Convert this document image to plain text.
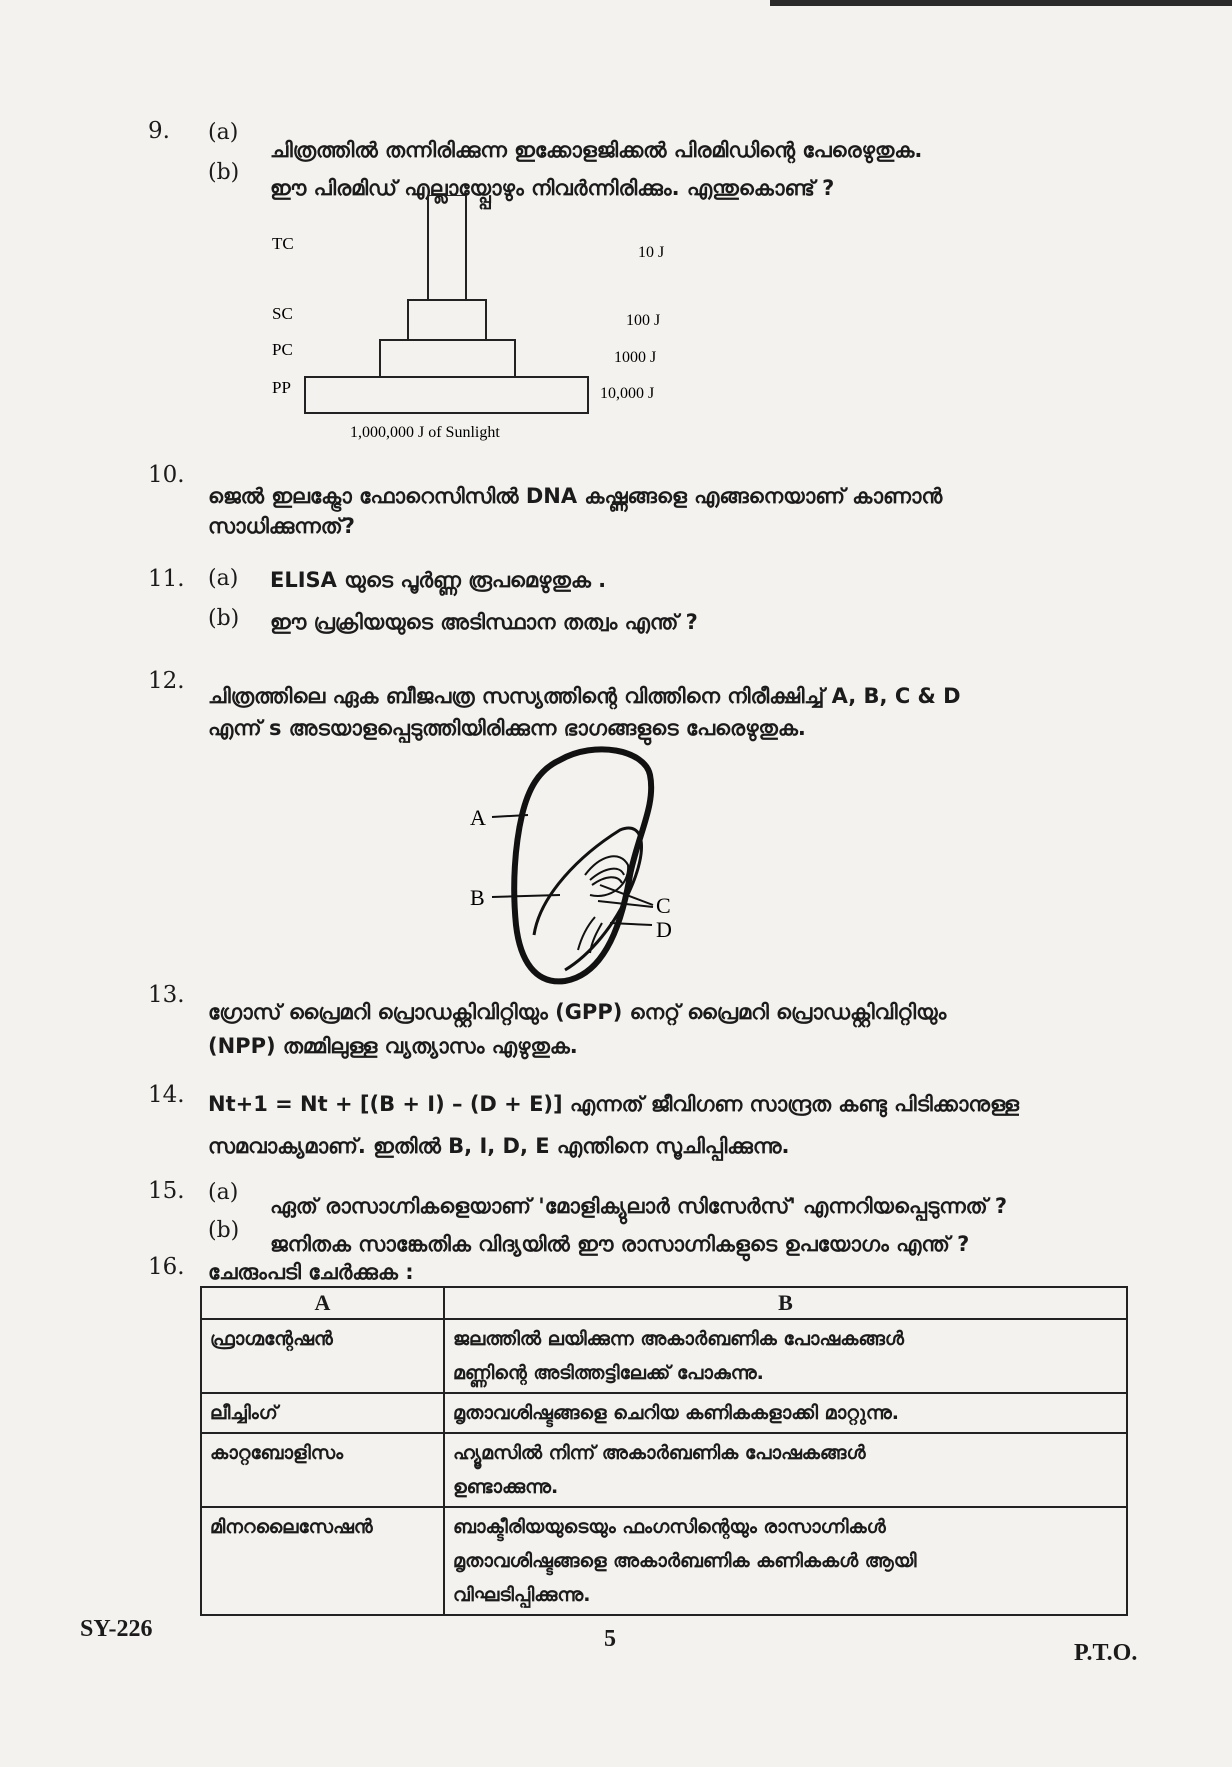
9. (a)
ചിത്രത്തിൽ തന്നിരിക്കുന്ന ഇക്കോളജിക്കൽ പിരമിഡിന്റെ പേരെഴുതുക.
(b)
ഈ പിരമിഡ് എല്ലായ്പ്പോഴും നിവർന്നിരിക്കും. എന്തുകൊണ്ട് ?
TC
SC
PC
PP
10 J
100 J
1000 J
10,000 J
1,000,000 J of Sunlight
10.
ജെൽ ഇലക്ട്രോ ഫോറെസിസിൽ DNA കഷ്ണങ്ങളെ എങ്ങനെയാണ് കാണാൻ
സാധിക്കുന്നത്?
11. (a) ELISA യുടെ പൂർണ്ണ രൂപമെഴുതുക .
(b) ഈ പ്രക്രിയയുടെ അടിസ്ഥാന തത്വം എന്ത് ?
12.
ചിത്രത്തിലെ ഏക ബീജപത്ര സസ്യത്തിന്റെ വിത്തിനെ നിരീക്ഷിച്ച് A, B, C & D
എന്ന് s അടയാളപ്പെടുത്തിയിരിക്കുന്ന ഭാഗങ്ങളുടെ പേരെഴുതുക.
A
B	C
D
13.
ഗ്രോസ് പ്രൈമറി പ്രൊഡക്റ്റിവിറ്റിയും (GPP) നെറ്റ് പ്രൈമറി പ്രൊഡക്റ്റിവിറ്റിയും
(NPP) തമ്മിലുള്ള വ്യത്യാസം എഴുതുക.
14. Nt+1 = Nt + [(B + I) – (D + E)] എന്നത് ജീവിഗണ സാന്ദ്രത കണ്ടു പിടിക്കാനുള്ള
സമവാക്യമാണ്. ഇതിൽ B, I, D, E എന്തിനെ സൂചിപ്പിക്കുന്നു.
15. (a)
ഏത് രാസാഗ്നികളെയാണ് 'മോളിക്യുലാർ സിസേർസ്' എന്നറിയപ്പെടുന്നത് ?
(b)
ജനിതക സാങ്കേതിക വിദ്യയിൽ ഈ രാസാഗ്നികളുടെ ഉപയോഗം എന്ത് ?
16. ചേരുംപടി ചേർക്കുക :
A	B
ഫ്രാഗ്മന്റേഷൻ	ജലത്തിൽ ലയിക്കുന്ന അകാർബണിക പോഷകങ്ങൾ
മണ്ണിന്റെ അടിത്തട്ടിലേക്ക് പോകുന്നു.

ലീച്ചിംഗ്	മൃതാവശിഷ്ടങ്ങളെ ചെറിയ കണികകളാക്കി മാറ്റുന്നു.

കാറ്റബോളിസം	ഹ്യൂമസിൽ നിന്ന് അകാർബണിക പോഷകങ്ങൾ
ഉണ്ടാക്കുന്നു.

മിനറലൈസേഷൻ	ബാക്ടീരിയയുടെയും ഫംഗസിന്റെയും രാസാഗ്നികൾ
മൃതാവശിഷ്ടങ്ങളെ അകാർബണിക കണികകൾ ആയി
വിഘടിപ്പിക്കുന്നു.
SY-226	5
P.T.O.
